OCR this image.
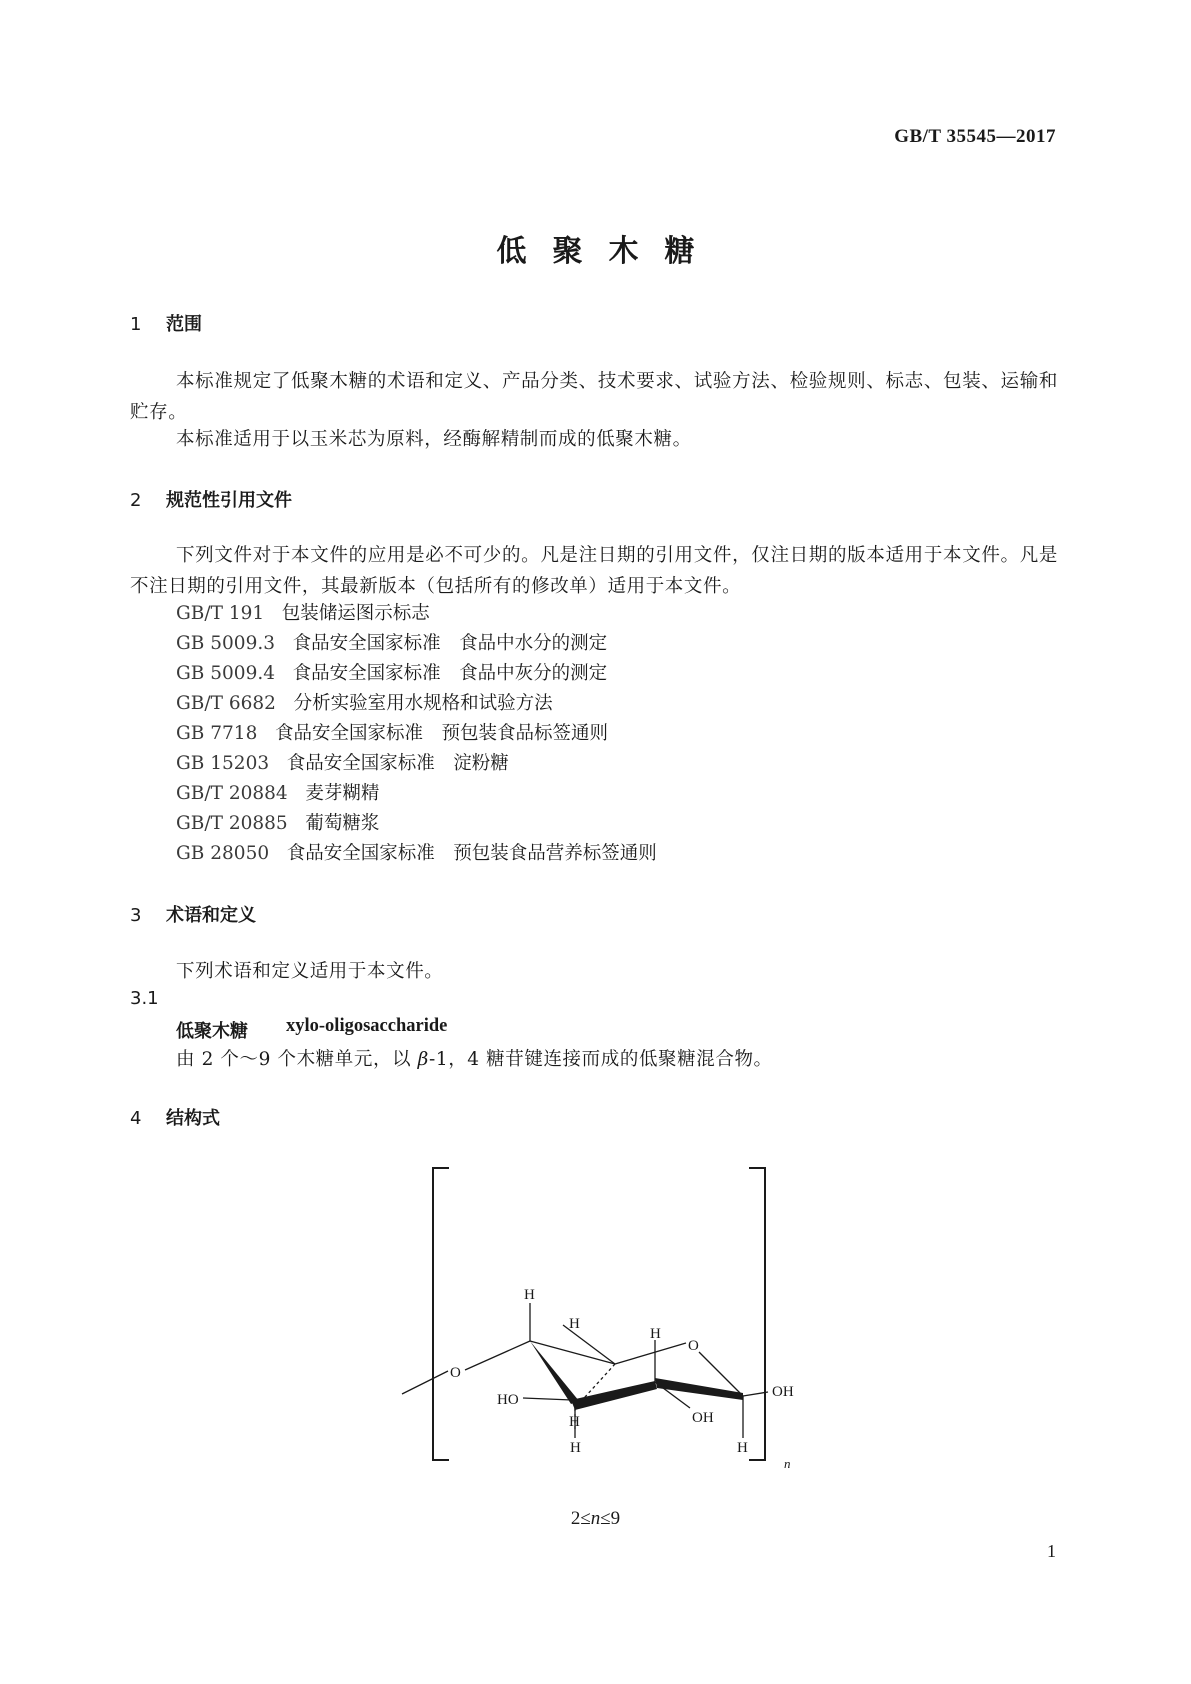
GB/T 35545—2017
低聚木糖
1 范围
本标准规定了低聚木糖的术语和定义、产品分类、技术要求、试验方法、检验规则、标志、包装、运输和贮存。
本标准适用于以玉米芯为原料，经酶解精制而成的低聚木糖。
2 规范性引用文件
下列文件对于本文件的应用是必不可少的。凡是注日期的引用文件，仅注日期的版本适用于本文件。凡是不注日期的引用文件，其最新版本（包括所有的修改单）适用于本文件。
GB/T 191 包装储运图示标志
GB 5009.3 食品安全国家标准　食品中水分的测定
GB 5009.4 食品安全国家标准　食品中灰分的测定
GB/T 6682 分析实验室用水规格和试验方法
GB 7718 食品安全国家标准　预包装食品标签通则
GB 15203 食品安全国家标准　淀粉糖
GB/T 20884 麦芽糊精
GB/T 20885 葡萄糖浆
GB 28050 食品安全国家标准　预包装食品营养标签通则
3 术语和定义
下列术语和定义适用于本文件。
3.1
低聚木糖 xylo-oligosaccharide
由 2 个～9 个木糖单元，以 β-1，4 糖苷键连接而成的低聚糖混合物。
4 结构式
O
O
H
H
H
H
H	H
HO
OH
OH
n
2≤n≤9
1
